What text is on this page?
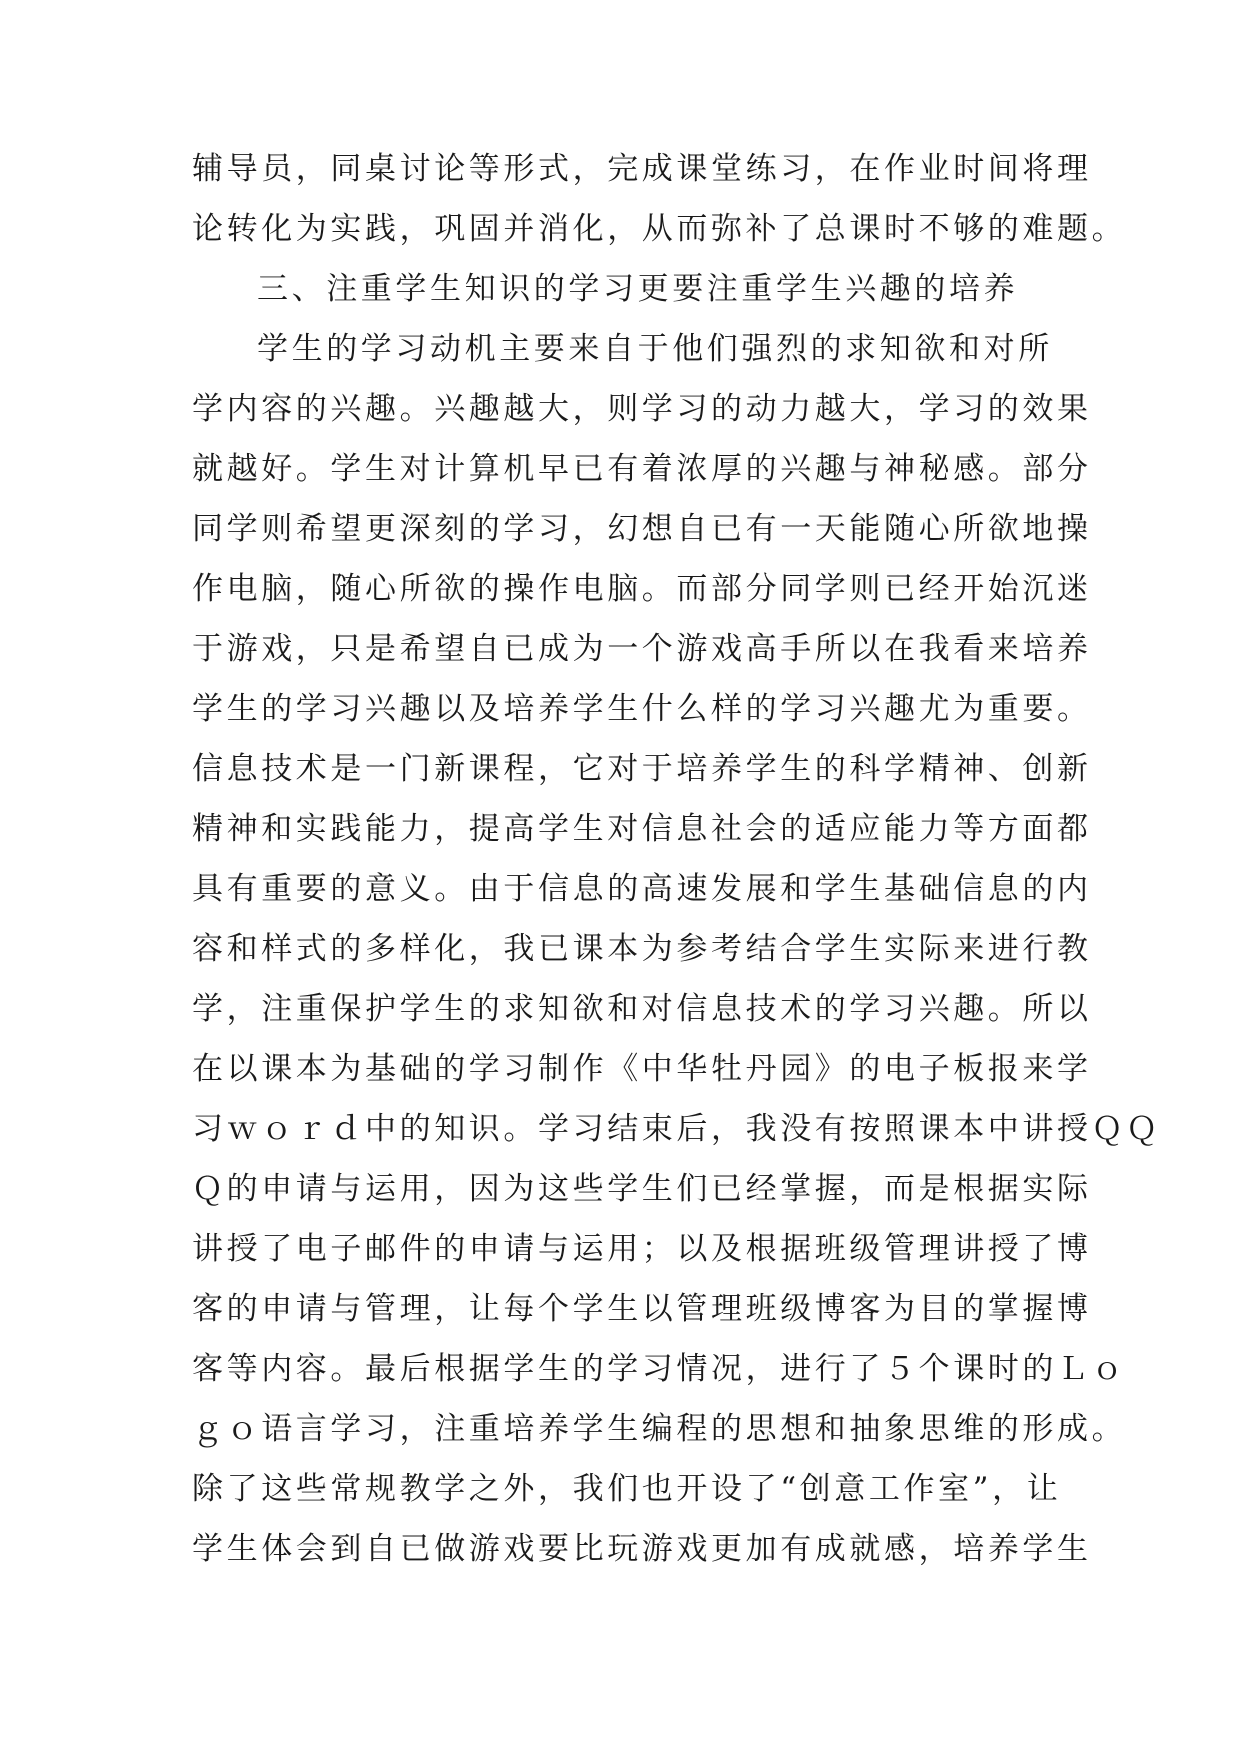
辅导员，同桌讨论等形式，完成课堂练习，在作业时间将理
论转化为实践，巩固并消化，从而弥补了总课时不够的难题。
三、注重学生知识的学习更要注重学生兴趣的培养
学生的学习动机主要来自于他们强烈的求知欲和对所
学内容的兴趣。兴趣越大，则学习的动力越大，学习的效果
就越好。学生对计算机早已有着浓厚的兴趣与神秘感。部分
同学则希望更深刻的学习，幻想自已有一天能随心所欲地操
作电脑，随心所欲的操作电脑。而部分同学则已经开始沉迷
于游戏，只是希望自已成为一个游戏高手所以在我看来培养
学生的学习兴趣以及培养学生什么样的学习兴趣尤为重要。
信息技术是一门新课程，它对于培养学生的科学精神、创新
精神和实践能力，提高学生对信息社会的适应能力等方面都
具有重要的意义。由于信息的高速发展和学生基础信息的内
容和样式的多样化，我已课本为参考结合学生实际来进行教
学，注重保护学生的求知欲和对信息技术的学习兴趣。所以
在以课本为基础的学习制作《中华牡丹园》的电子板报来学
习ｗｏｒｄ中的知识。学习结束后，我没有按照课本中讲授ＱＱ
Ｑ的申请与运用，因为这些学生们已经掌握，而是根据实际
讲授了电子邮件的申请与运用；以及根据班级管理讲授了博
客的申请与管理，让每个学生以管理班级博客为目的掌握博
客等内容。最后根据学生的学习情况，进行了５个课时的Ｌｏ
ｇｏ语言学习，注重培养学生编程的思想和抽象思维的形成。
除了这些常规教学之外，我们也开设了“创意工作室”，让
学生体会到自已做游戏要比玩游戏更加有成就感，培养学生
